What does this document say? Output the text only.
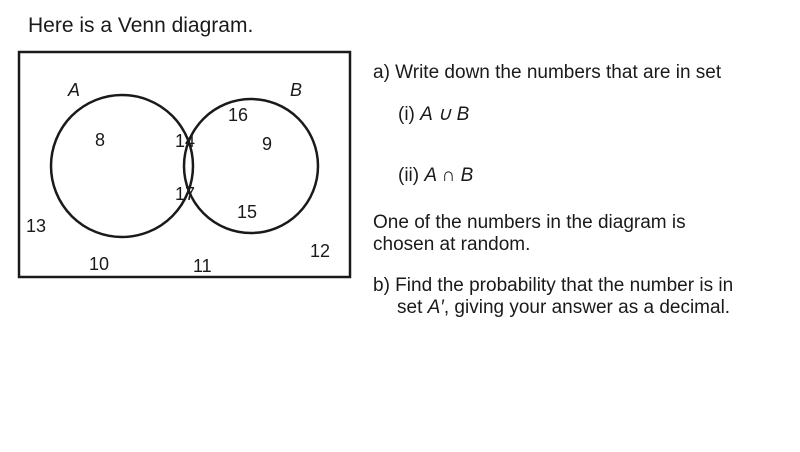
Here is a Venn diagram.
A	B
8	14
17
16
9
15
13
10	11
12
a) Write down the numbers that are in set
(i) A ∪ B
(ii) A ∩ B
One of the numbers in the diagram is
chosen at random.
b) Find the probability that the number is in
set A′, giving your answer as a decimal.
